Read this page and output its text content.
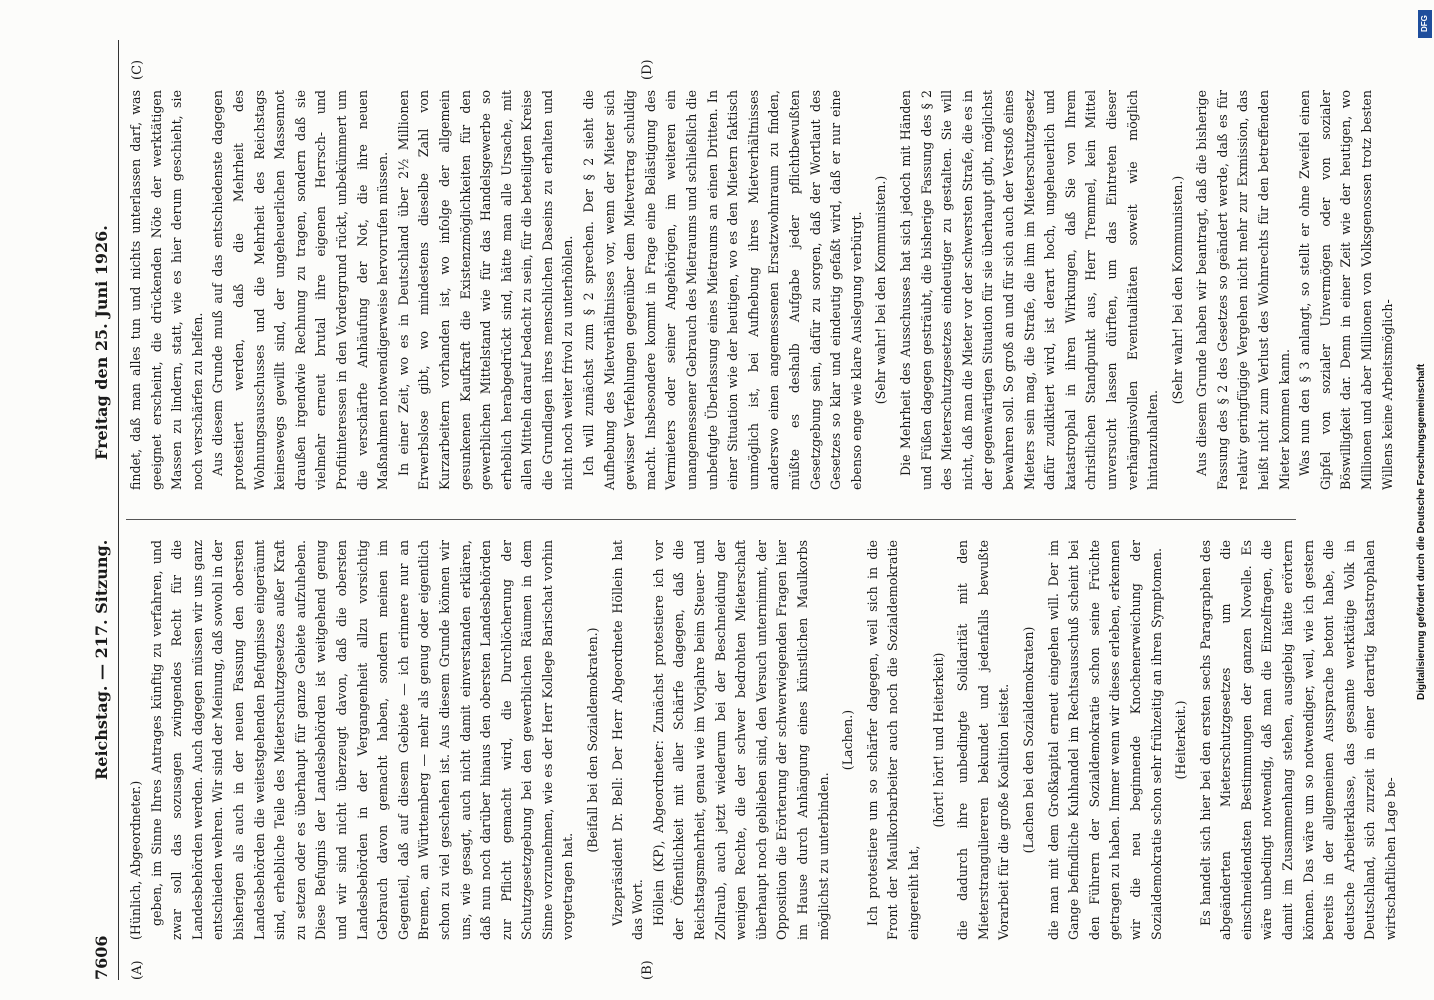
7606
Reichstag. — 217. Sitzung.
Freitag den 25. Juni 1926.
(A)	(B)
(C)	(D)

(Hünlich, Abgeordneter.) geben, im Sinne Ihres Antrages künftig zu verfahren, und zwar soll das sozusagen zwingendes Recht für die Landesbehörden werden. Auch dagegen müssen wir uns ganz entschieden wehren. Wir sind der Meinung, daß sowohl in der bisherigen als auch in der neuen Fassung den obersten Landesbehörden die weitestgehenden Befugnisse eingeräumt sind, erhebliche Teile des Mieterschutzgesetzes außer Kraft zu setzen oder es überhaupt für ganze Gebiete aufzuheben. Diese Befugnis der Landesbehörden ist weitgehend genug und wir sind nicht überzeugt davon, daß die obersten Landesbehörden in der Vergangenheit allzu vorsichtig Gebrauch davon gemacht haben, sondern meinen im Gegenteil, daß auf diesem Gebiete — ich erinnere nur an Bremen, an Württemberg — mehr als genug oder eigentlich schon zu viel geschehen ist. Aus diesem Grunde können wir uns, wie gesagt, auch nicht damit einverstanden erklären, daß nun noch darüber hinaus den obersten Landesbehörden zur Pflicht gemacht wird, die Durchlöcherung der Schutzgesetzgebung bei den gewerblichen Räumen in dem Sinne vorzunehmen, wie es der Herr Kollege Barischat vorhin vorgetragen hat.

(Beifall bei den Sozialdemokraten.) Vizepräsident Dr. Bell: Der Herr Abgeordnete Höllein hat das Wort. Höllein (KP), Abgeordneter: Zunächst protestiere ich vor der Öffentlichkeit mit aller Schärfe dagegen, daß die Reichstagsmehrheit, genau wie im Vorjahre beim Steuer- und Zollraub, auch jetzt wiederum bei der Beschneidung der wenigen Rechte, die der schwer bedrohten Mieterschaft überhaupt noch geblieben sind, den Versuch unternimmt, der Opposition die Erörterung der schwerwiegenden Fragen hier im Hause durch Anhängung eines künstlichen Maulkorbs möglichst zu unterbinden.

(Lachen.) Ich protestiere um so schärfer dagegen, weil sich in die Front der Maulkorbarbeiter auch noch die Sozialdemokratie eingereiht hat,

(hört! hört! und Heiterkeit) die dadurch ihre unbedingte Solidarität mit den Mieterstranguliereren bekundet und jedenfalls bewußte Vorarbeit für die große Koalition leistet. (Lachen bei den Sozialdemokraten) die man mit dem Großkapital erneut eingehen will. Der im Gange befindliche Kuhhandel im Rechtsausschuß scheint bei den Führern der Sozialdemokratie schon seine Früchte getragen zu haben. Immer wenn wir dieses erleben, erkennen wir die neu beginnende Knochenerweichung der Sozialdemokratie schon sehr frühzeitig an ihren Symptomen. (Heiterkeit.) Es handelt sich hier bei den ersten sechs Paragraphen des abgeänderten Mieterschutzgesetzes um die einschneidendsten Bestimmungen der ganzen Novelle. Es wäre unbedingt notwendig, daß man die Einzelfragen, die damit im Zusammenhang stehen, ausgiebig hätte erörtern können. Das wäre um so notwendiger, weil, wie ich gestern bereits in der allgemeinen Aussprache betont habe, die deutsche Arbeiterklasse, das gesamte werktätige Volk in Deutschland, sich zurzeit in einer derartig katastrophalen wirtschaftlichen Lage be-

findet, daß man alles tun und nichts unterlassen darf, was geeignet erscheint, die drückenden Nöte der werktätigen Massen zu lindern, statt, wie es hier derum geschieht, sie noch verschärfen zu helfen. Aus diesem Grunde muß auf das entschiedenste dagegen protestiert werden, daß die Mehrheit des Wohnungsausschusses und die Mehrheit des Reichstags keineswegs gewillt sind, der ungeheuerlichen Massennot draußen irgendwie Rechnung zu tragen, sondern daß sie vielmehr erneut brutal ihre eigenen Herrsch- und Profitinteressen in den Vordergrund rückt, unbekümmert um die verschärfte Anhäufung der Not, die ihre neuen Maßnahmen notwendigerweise hervorrufen müssen. In einer Zeit, wo es in Deutschland über 2½ Millionen Erwerbslose gibt, wo mindestens dieselbe Zahl von Kurzarbeitern vorhanden ist, wo infolge der allgemein gesunkenen Kaufkraft die Existenzmöglichkeiten für den gewerblichen Mittelstand wie für das Handelsgewerbe so erheblich herabgedrückt sind, hätte man alle Ursache, mit allen Mitteln darauf bedacht zu sein, für die beteiligten Kreise die Grundlagen ihres menschlichen Daseins zu erhalten und nicht noch weiter frivol zu unterhöhlen. Ich will zunächst zum § 2 sprechen. Der § 2 sieht die Aufhebung des Mietverhältnisses vor, wenn der Mieter sich gewisser Verfehlungen gegenüber dem Mietvertrag schuldig macht. Insbesondere kommt in Frage eine Belästigung des Vermieters oder seiner Angehörigen, im weiteren ein unangemessener Gebrauch des Mietraums und schließlich die unbefugte Überlassung eines Mietraums an einen Dritten. In einer Situation wie der heutigen, wo es den Mietern faktisch unmöglich ist, bei Aufhebung ihres Mietverhältnisses anderswo einen angemessenen Ersatzwohnraum zu finden, müßte es deshalb Aufgabe jeder pflichtbewußten Gesetzgebung sein, dafür zu sorgen, daß der Wortlaut des Gesetzes so klar und eindeutig gefaßt wird, daß er nur eine ebenso enge wie klare Auslegung verbürgt. (Sehr wahr! bei den Kommunisten.) Die Mehrheit des Ausschusses hat sich jedoch mit Händen und Füßen dagegen gesträubt, die bisherige Fassung des § 2 des Mieterschutzgesetzes eindeutiger zu gestalten. Sie will nicht, daß man die Mieter vor der schwersten Strafe, die es in der gegenwärtigen Situation für sie überhaupt gibt, möglichst bewahren soll. So groß an und für sich auch der Verstoß eines Mieters sein mag, die Strafe, die ihm im Mieterschutzgesetz dafür zudiktiert wird, ist derart hoch, ungeheuerlich und katastrophal in ihren Wirkungen, daß Sie von Ihrem christlichen Standpunkt aus, Herr Tremmel, kein Mittel unversucht lassen dürften, um das Eintreten dieser verhängnisvollen Eventualitäten soweit wie möglich hintanzuhalten.

(Sehr wahr! bei den Kommunisten.) Aus diesem Grunde haben wir beantragt, daß die bisherige Fassung des § 2 des Gesetzes so geändert werde, daß es für relativ geringfügige Vergehen nicht mehr zur Exmission, das heißt nicht zum Verlust des Wohnrechts für den betreffenden Mieter kommen kann. Was nun den § 3 anlangt, so stellt er ohne Zweifel einen Gipfel von sozialer Unvermögen oder von sozialer Böswilligkeit dar. Denn in einer Zeit wie der heutigen, wo Millionen und aber Millionen von Volksgenossen trotz besten Willens keine Arbeitsmöglich-

DFG
Digitalisierung gefördert durch die Deutsche Forschungsgemeinschaft
